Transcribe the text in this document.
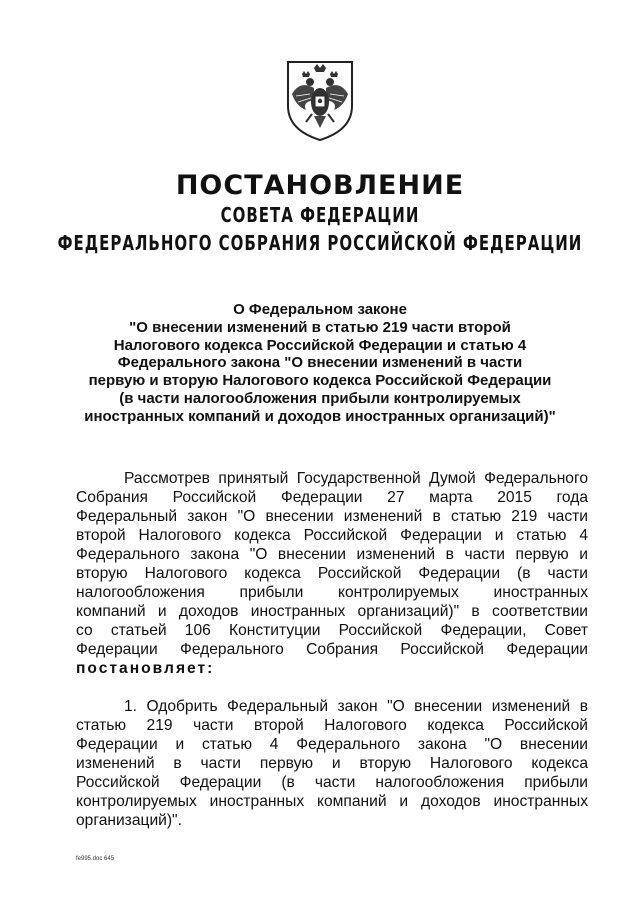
ПОСТАНОВЛЕНИЕ
СОВЕТА ФЕДЕРАЦИИ
ФЕДЕРАЛЬНОГО СОБРАНИЯ РОССИЙСКОЙ ФЕДЕРАЦИИ
О Федеральном законе
"О внесении изменений в статью 219 части второй
Налогового кодекса Российской Федерации и статью 4
Федерального закона "О внесении изменений в части
первую и вторую Налогового кодекса Российской Федерации
(в части налогообложения прибыли контролируемых
иностранных компаний и доходов иностранных организаций)"
Рассмотрев принятый Государственной Думой Федерального
Собрания Российской Федерации 27 марта 2015 года
Федеральный закон "О внесении изменений в статью 219 части
второй Налогового кодекса Российской Федерации и статью 4
Федерального закона "О внесении изменений в части первую и
вторую Налогового кодекса Российской Федерации (в части
налогообложения прибыли контролируемых иностранных
компаний и доходов иностранных организаций)" в соответствии
со статьей 106 Конституции Российской Федерации, Совет
Федерации Федерального Собрания Российской Федерации
постановляет:
1. Одобрить Федеральный закон "О внесении изменений в
статью 219 части второй Налогового кодекса Российской
Федерации и статью 4 Федерального закона "О внесении
изменений в части первую и вторую Налогового кодекса
Российской Федерации (в части налогообложения прибыли
контролируемых иностранных компаний и доходов иностранных
организаций)".
fe995.doc 645
